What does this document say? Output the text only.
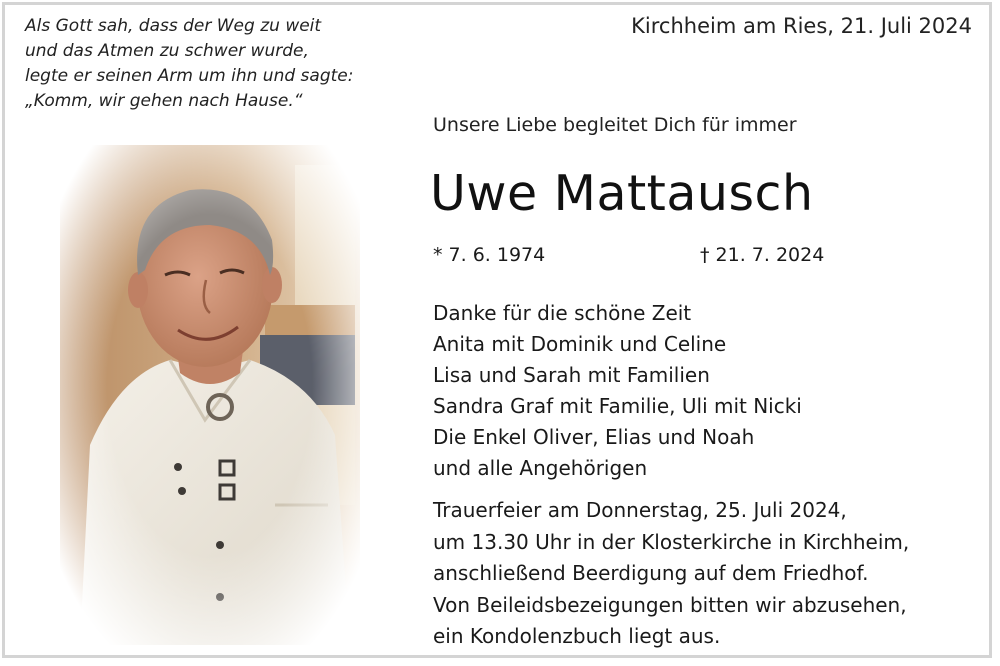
Als Gott sah, dass der Weg zu weit
und das Atmen zu schwer wurde,
legte er seinen Arm um ihn und sagte:
„Komm, wir gehen nach Hause.“
Kirchheim am Ries, 21. Juli 2024
Unsere Liebe begleitet Dich für immer
Uwe Mattausch
* 7. 6. 1974	† 21. 7. 2024
Danke für die schöne Zeit
Anita mit Dominik und Celine
Lisa und Sarah mit Familien
Sandra Graf mit Familie, Uli mit Nicki
Die Enkel Oliver, Elias und Noah
und alle Angehörigen
Trauerfeier am Donnerstag, 25. Juli 2024,
um 13.30 Uhr in der Klosterkirche in Kirchheim,
anschließend Beerdigung auf dem Friedhof.
Von Beileidsbezeigungen bitten wir abzusehen,
ein Kondolenzbuch liegt aus.
